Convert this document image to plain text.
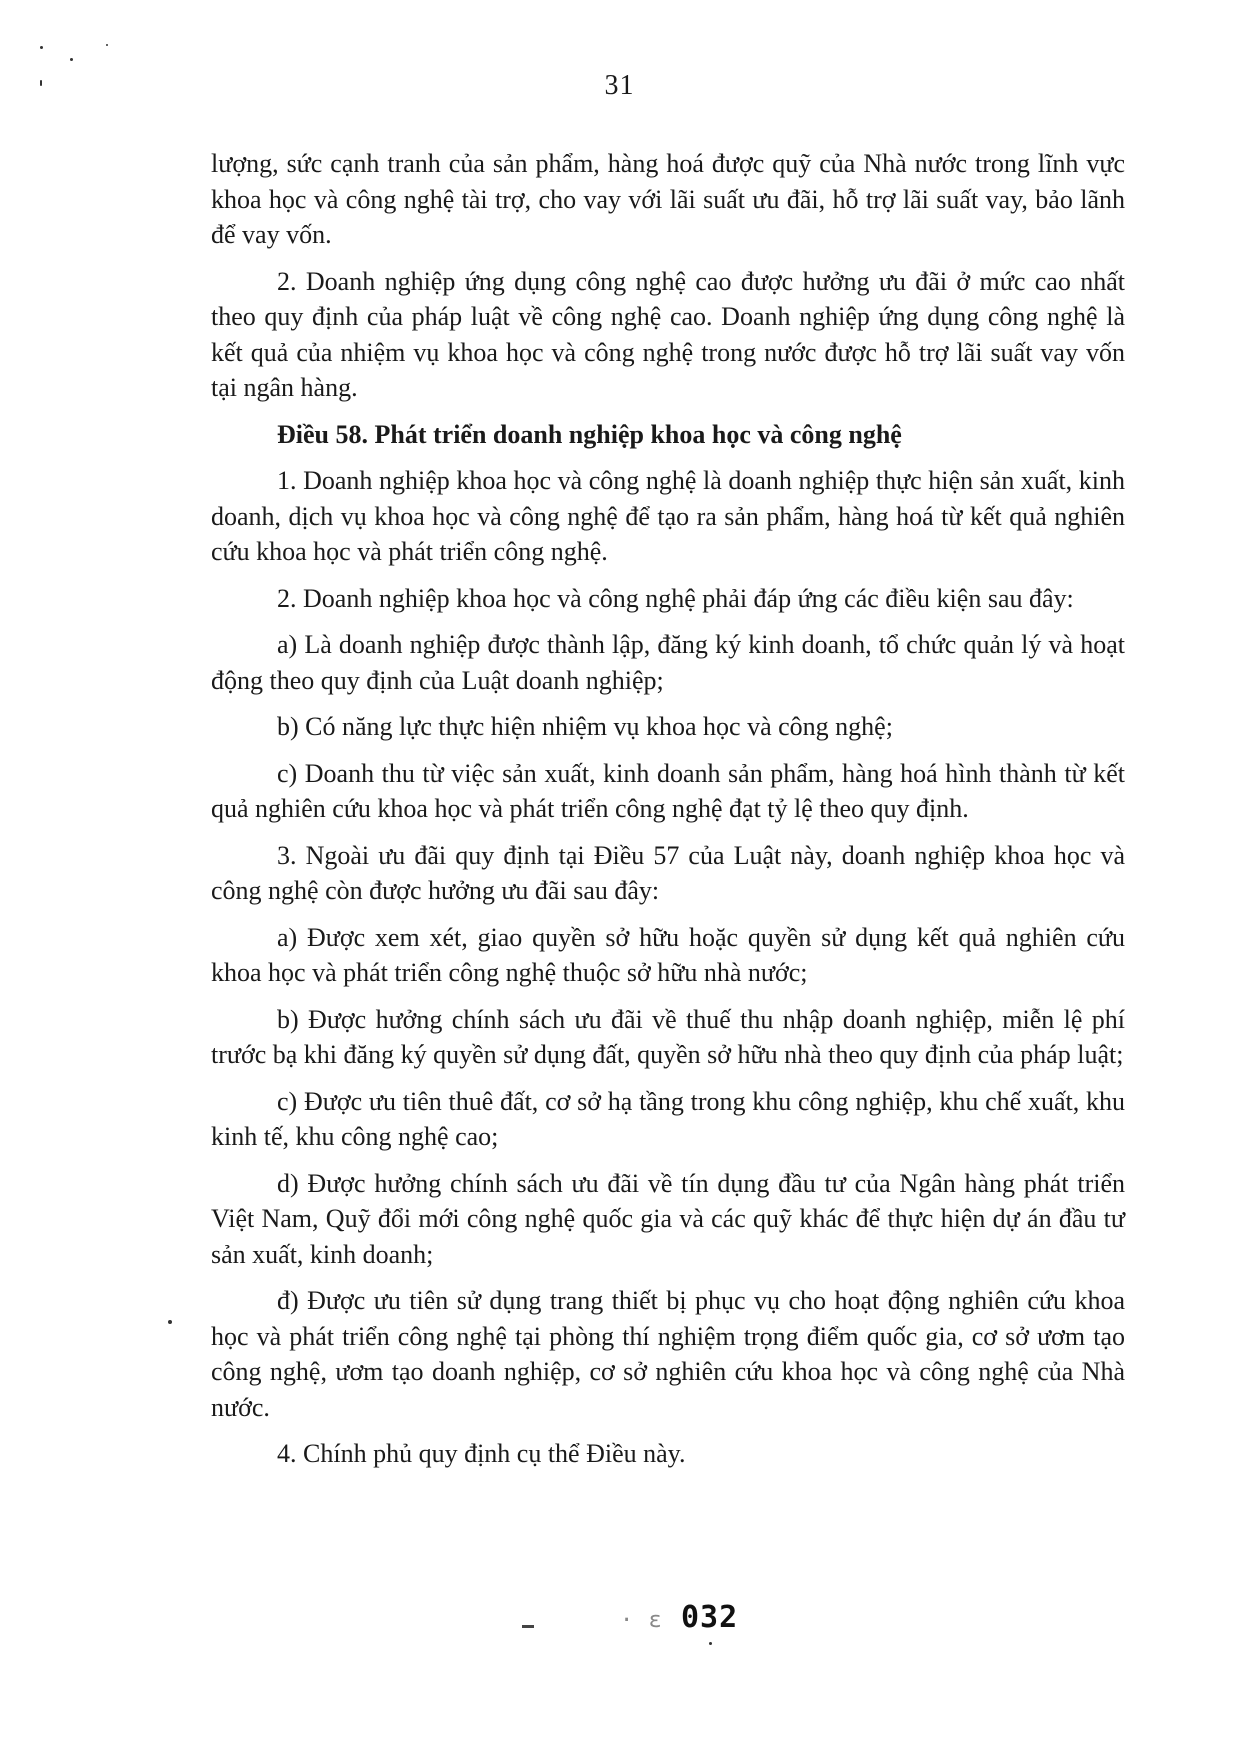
31

lượng, sức cạnh tranh của sản phẩm, hàng hoá được quỹ của Nhà nước trong lĩnh vực khoa học và công nghệ tài trợ, cho vay với lãi suất ưu đãi, hỗ trợ lãi suất vay, bảo lãnh để vay vốn.

2. Doanh nghiệp ứng dụng công nghệ cao được hưởng ưu đãi ở mức cao nhất theo quy định của pháp luật về công nghệ cao. Doanh nghiệp ứng dụng công nghệ là kết quả của nhiệm vụ khoa học và công nghệ trong nước được hỗ trợ lãi suất vay vốn tại ngân hàng.

Điều 58. Phát triển doanh nghiệp khoa học và công nghệ

1. Doanh nghiệp khoa học và công nghệ là doanh nghiệp thực hiện sản xuất, kinh doanh, dịch vụ khoa học và công nghệ để tạo ra sản phẩm, hàng hoá từ kết quả nghiên cứu khoa học và phát triển công nghệ.

2. Doanh nghiệp khoa học và công nghệ phải đáp ứng các điều kiện sau đây:

a) Là doanh nghiệp được thành lập, đăng ký kinh doanh, tổ chức quản lý và hoạt động theo quy định của Luật doanh nghiệp;

b) Có năng lực thực hiện nhiệm vụ khoa học và công nghệ;

c) Doanh thu từ việc sản xuất, kinh doanh sản phẩm, hàng hoá hình thành từ kết quả nghiên cứu khoa học và phát triển công nghệ đạt tỷ lệ theo quy định.

3. Ngoài ưu đãi quy định tại Điều 57 của Luật này, doanh nghiệp khoa học và công nghệ còn được hưởng ưu đãi sau đây:

a) Được xem xét, giao quyền sở hữu hoặc quyền sử dụng kết quả nghiên cứu khoa học và phát triển công nghệ thuộc sở hữu nhà nước;

b) Được hưởng chính sách ưu đãi về thuế thu nhập doanh nghiệp, miễn lệ phí trước bạ khi đăng ký quyền sử dụng đất, quyền sở hữu nhà theo quy định của pháp luật;

c) Được ưu tiên thuê đất, cơ sở hạ tầng trong khu công nghiệp, khu chế xuất, khu kinh tế, khu công nghệ cao;

d) Được hưởng chính sách ưu đãi về tín dụng đầu tư của Ngân hàng phát triển Việt Nam, Quỹ đổi mới công nghệ quốc gia và các quỹ khác để thực hiện dự án đầu tư sản xuất, kinh doanh;

đ) Được ưu tiên sử dụng trang thiết bị phục vụ cho hoạt động nghiên cứu khoa học và phát triển công nghệ tại phòng thí nghiệm trọng điểm quốc gia, cơ sở ươm tạo công nghệ, ươm tạo doanh nghiệp, cơ sở nghiên cứu khoa học và công nghệ của Nhà nước.

4. Chính phủ quy định cụ thể Điều này.

· ɛ 032
